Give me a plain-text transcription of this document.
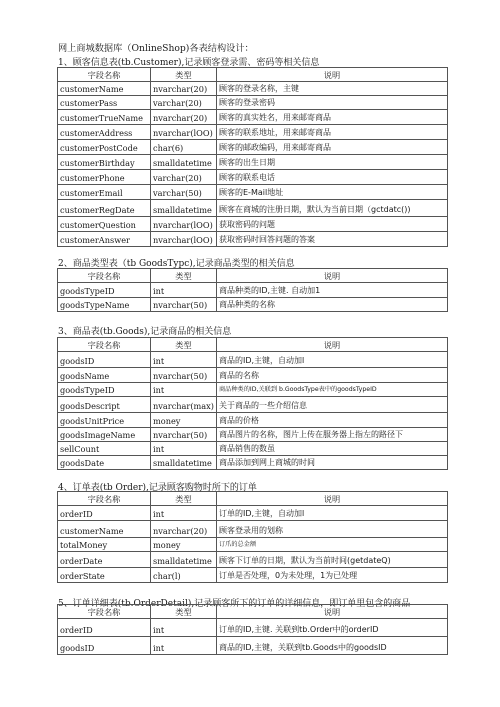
网上商城数据库（OnlineShop)各表结构设计：
1、顾客信息表(tb.Customer),记录顾客登录需、密码等相关信息
字段名称	类型	说明
customerName	nvarchar(20)	顾客的登录名称，主键
customerPass	varchar(20)	顾客的登录密码
customerTrueName	nvarchar(20)	顾客的真实姓名，用来邮寄商品
customerAddress	nvarchar(lOO)	顾客的联系地址，用来邮寄商品
customerPostCode	char(6)	顾客的邮政编码，用来邮寄商品
customerBirthday	smalldatetime	顾客的出生日期
customerPhone	varchar(20)	顾客的联系电话
customerEmail	varchar(50)	顾客的E-Mail地址
customerRegDate	smalldatetime	顾客在商城的注册日期，默认为当前日期（gctdatc())
customerQuestion	nvarchar(lOO)	获取密码的问题
customerAnswer	nvarchar(lOO)	获取密码时回答问题的答案
2、商品类型表（tb GoodsTypc),记录商品类型的相关信息
字段名称	类型	说明
goodsTypeID	int	商品种类的ID,主键. 自动加1
goodsTypeName	nvarchar(50)	商品种类的名称
3、商品表(tb.Goods),记录商品的相关信息
字段名称	类型	说明
goodsID	int	商品的ID,主键，自动加l
goodsName	nvarchar(50)	商品的名称
goodsTypeID	int	商品种类的ID,关联到 b.GoodsType表中的goodsTypeID
goodsDescript	nvarchar(max)	关于商品的一些介绍信息
goodsUnitPrice	money	商品的价格
goodsImageName	nvarchar(50)	商品图片的名称，图片上传在服务器上指左的路径下
sellCount	int	商品销售的数虽
goodsDate	smalldatetime	商品添加到网上商城的时间
4、订单表(tb Order),记录顾客购物时所下的订单
字段名称	类型	说明
orderID	int	订单的ID,主键，自动加l
customerName	nvarchar(20)	顾客登录用的划称
totalMoney	money	订爪的总金额
orderDate	smalldatetime	顾客下订单的日期，默认为当前时间(getdateQ)
orderState	char(l)	订单是否处理，0为未处理，1为已处理
5、订单详细表(tb.OrderDetail),记录顾客所下的订单的详细信息，即订单里包含的商品
字段名称	类型	说明
orderID	int	订单的ID,主键. 关联到tb.Order中的orderID
goodsID	int	商品的ID,主键，关联到tb.Goods中的goodsID
